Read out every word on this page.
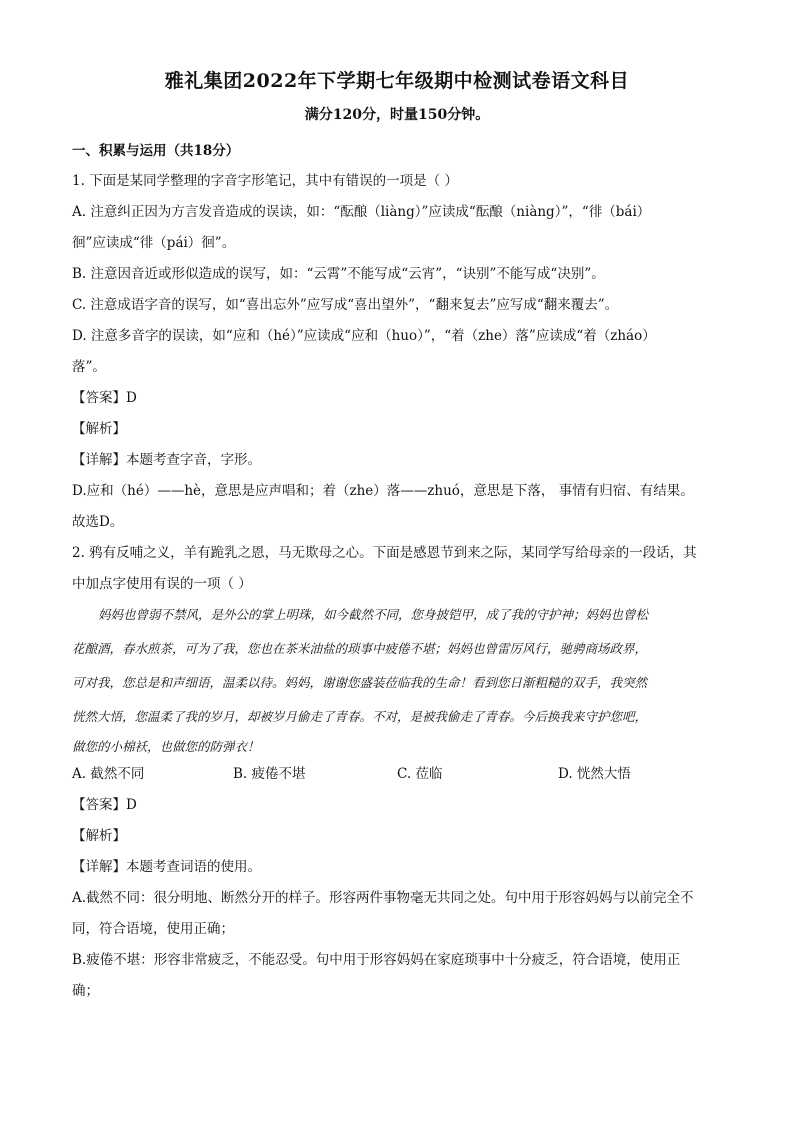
雅礼集团2022年下学期七年级期中检测试卷语文科目
满分120分，时量150分钟。
一、积累与运用（共18分）
1. 下面是某同学整理的字音字形笔记，其中有错误的一项是（ ）
A. 注意纠正因为方言发音造成的误读，如：“酝酿（liàng）”应读成“酝酿（niàng）”，“徘（bái）
徊”应读成“徘（pái）徊”。
B. 注意因音近或形似造成的误写，如：“云霄”不能写成“云宵”，“诀别”不能写成“决别”。
C. 注意成语字音的误写，如“喜出忘外”应写成“喜出望外”，“翻来复去”应写成“翻来覆去”。
D. 注意多音字的误读，如“应和（hé）”应读成“应和（huo）”，“着（zhe）落”应读成“着（zháo）
落”。
【答案】D
【解析】
【详解】本题考查字音，字形。
D.应和（hé）——hè，意思是应声唱和；着（zhe）落——zhuó，意思是下落， 事情有归宿、有结果。
故选D。
2. 鸦有反哺之义，羊有跪乳之恩，马无欺母之心。下面是感恩节到来之际，某同学写给母亲的一段话，其
中加点字使用有误的一项（ ）
妈妈也曾弱不禁风，是外公的掌上明珠，如今截然不同，您身披铠甲，成了我的守护神；妈妈也曾松
花酿酒，春水煎茶，可为了我，您也在茶米油盐的琐事中疲倦不堪；妈妈也曾雷厉风行，驰骋商场政界，
可对我，您总是和声细语，温柔以待。妈妈，谢谢您盛装莅临我的生命！看到您日渐粗糙的双手，我突然
恍然大悟，您温柔了我的岁月，却被岁月偷走了青春。不对，是被我偷走了青春。今后换我来守护您吧，
做您的小棉袄，也做您的防弹衣！
A. 截然不同	B. 疲倦不堪	C. 莅临	D. 恍然大悟
【答案】D
【解析】
【详解】本题考查词语的使用。
A.截然不同：很分明地、断然分开的样子。形容两件事物毫无共同之处。句中用于形容妈妈与以前完全不
同，符合语境，使用正确；
B.疲倦不堪：形容非常疲乏，不能忍受。句中用于形容妈妈在家庭琐事中十分疲乏，符合语境，使用正
确；
